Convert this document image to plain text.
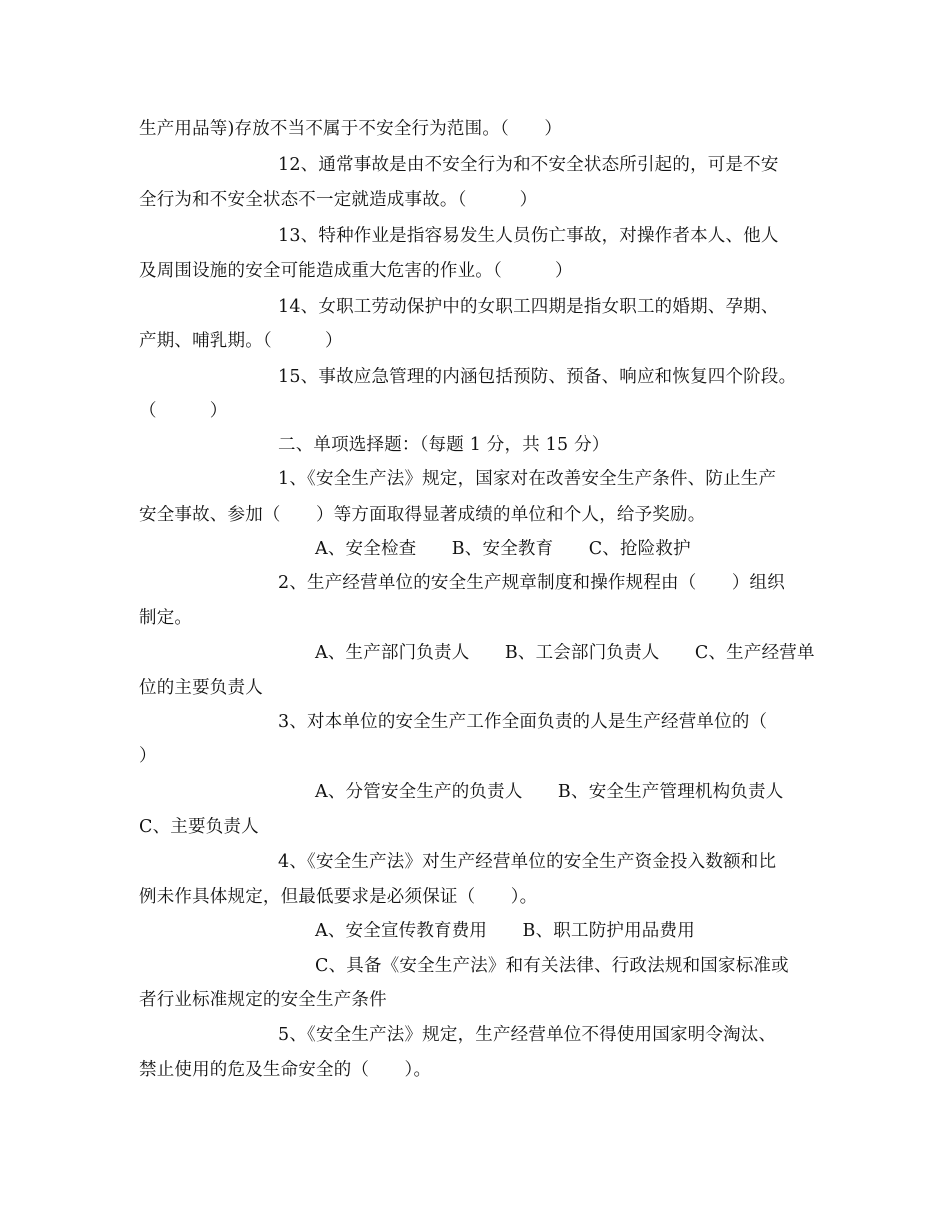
生产用品等)存放不当不属于不安全行为范围。（　　）
12、通常事故是由不安全行为和不安全状态所引起的，可是不安
全行为和不安全状态不一定就造成事故。（　　　）
13、特种作业是指容易发生人员伤亡事故，对操作者本人、他人
及周围设施的安全可能造成重大危害的作业。（　　　）
14、女职工劳动保护中的女职工四期是指女职工的婚期、孕期、
产期、哺乳期。（　　　）
15、事故应急管理的内涵包括预防、预备、响应和恢复四个阶段。
（　　　）
二、单项选择题：（每题 1 分，共 15 分）
1、《安全生产法》规定，国家对在改善安全生产条件、防止生产
安全事故、参加（　　）等方面取得显著成绩的单位和个人，给予奖励。
A、安全检查　　B、安全教育　　C、抢险救护
2、生产经营单位的安全生产规章制度和操作规程由（　　）组织
制定。
A、生产部门负责人　　B、工会部门负责人　　C、生产经营单
位的主要负责人
3、对本单位的安全生产工作全面负责的人是生产经营单位的（
）
A、分管安全生产的负责人　　B、安全生产管理机构负责人
C、主要负责人
4、《安全生产法》对生产经营单位的安全生产资金投入数额和比
例未作具体规定，但最低要求是必须保证（　　）。
A、安全宣传教育费用　　B、职工防护用品费用
C、具备《安全生产法》和有关法律、行政法规和国家标准或
者行业标准规定的安全生产条件
5、《安全生产法》规定，生产经营单位不得使用国家明令淘汰、
禁止使用的危及生命安全的（　　）。
